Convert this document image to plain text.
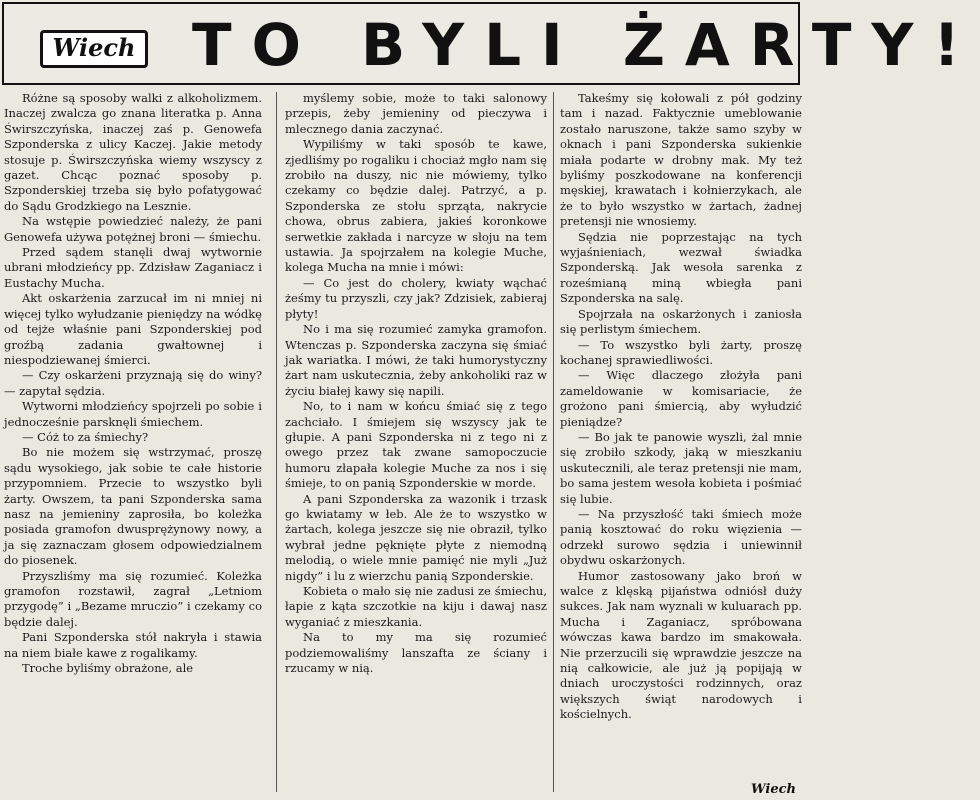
Wiech TO BYLI ŻARTY!

Różne są sposoby walki z alkoholizmem. Inaczej zwalcza go znana literatka p. Anna Świrszczyńska, inaczej zaś p. Genowefa Szponderska z ulicy Kaczej. Jakie metody stosuje p. Świrszczyńska wiemy wszyscy z gazet. Chcąc poznać sposoby p. Szponderskiej trzeba się było pofatygować do Sądu Grodzkiego na Lesznie.

Na wstępie powiedzieć należy, że pani Genowefa używa potężnej broni — śmiechu.

Przed sądem stanęli dwaj wytwornie ubrani młodzieńcy pp. Zdzisław Zaganiacz i Eustachy Mucha.

Akt oskarżenia zarzucał im ni mniej ni więcej tylko wyłudzanie pieniędzy na wódkę od tejże właśnie pani Szponderskiej pod groźbą zadania gwałtownej i niespodziewanej śmierci.

— Czy oskarżeni przyznają się do winy? — zapytał sędzia.

Wytworni młodzieńcy spojrzeli po sobie i jednocześnie parsknęli śmiechem.

— Cóż to za śmiechy?

Bo nie możem się wstrzymać, proszę sądu wysokiego, jak sobie te całe historie przypomniem. Przecie to wszystko byli żarty. Owszem, ta pani Szponderska sama nasz na jemieniny zaprosiła, bo koleżka posiada gramofon dwusprężynowy nowy, a ja się zaznaczam głosem odpowiedzialnem do piosenek.

Przyszliśmy ma się rozumieć. Koleżka gramofon rozstawił, zagrał „Letniom przygodę” i „Bezame mruczio” i czekamy co będzie dalej.

Pani Szponderska stół nakryła i stawia na niem białe kawe z rogalikamy.

Troche byliśmy obrażone, ale

myślemy sobie, może to taki salonowy przepis, żeby jemieniny od pieczywa i mlecznego dania zaczynać.

Wypiliśmy w taki sposób te kawe, zjedliśmy po rogaliku i chociaż mgło nam się zrobiło na duszy, nic nie mówiemy, tylko czekamy co będzie dalej. Patrzyć, a p. Szponderska ze stołu sprząta, nakrycie chowa, obrus zabiera, jakieś koronkowe serwetkie zakłada i narcyze w słoju na tem ustawia. Ja spojrzałem na kolegie Muche, kolega Mucha na mnie i mówi:

— Co jest do cholery, kwiaty wąchać żeśmy tu przyszli, czy jak? Zdzisiek, zabieraj płyty!

No i ma się rozumieć zamyka gramofon. Wtenczas p. Szponderska zaczyna się śmiać jak wariatka. I mówi, że taki humorystyczny żart nam uskutecznia, żeby ankoholiki raz w życiu białej kawy się napili.

No, to i nam w końcu śmiać się z tego zachciało. I śmiejem się wszyscy jak te głupie. A pani Szponderska ni z tego ni z owego przez tak zwane samopoczucie humoru złapała kolegie Muche za nos i się śmieje, to on panią Szponderskie w morde.

A pani Szponderska za wazonik i trzask go kwiatamy w łeb. Ale że to wszystko w żartach, kolega jeszcze się nie obraził, tylko wybrał jedne pęknięte płyte z niemodną melodią, o wiele mnie pamięć nie myli „Już nigdy” i lu z wierzchu panią Szponderskie.

Kobieta o mało się nie zadusi ze śmiechu, łapie z kąta szczotkie na kiju i dawaj nasz wyganiać z mieszkania.

Na to my ma się rozumieć podziemowaliśmy lanszafta ze ściany i rzucamy w nią.

Takeśmy się kołowali z pół godziny tam i nazad. Faktycznie umeblowanie zostało naruszone, także samo szyby w oknach i pani Szponderska sukienkie miała podarte w drobny mak. My też byliśmy poszkodowane na konferencji męskiej, krawatach i kołnierzykach, ale że to było wszystko w żartach, żadnej pretensji nie wnosiemy.

Sędzia nie poprzestając na tych wyjaśnieniach, wezwał świadka Szponderską. Jak wesoła sarenka z roześmianą miną wbiegła pani Szponderska na salę.

Spojrzała na oskarżonych i zaniosła się perlistym śmiechem.

— To wszystko byli żarty, proszę kochanej sprawiedliwości.

— Więc dlaczego złożyła pani zameldowanie w komisariacie, że grożono pani śmiercią, aby wyłudzić pieniądze?

— Bo jak te panowie wyszli, żal mnie się zrobiło szkody, jaką w mieszkaniu uskutecznili, ale teraz pretensji nie mam, bo sama jestem wesoła kobieta i pośmiać się lubie.

— Na przyszłość taki śmiech może panią kosztować do roku więzienia — odrzekł surowo sędzia i uniewinnił obydwu oskarżonych.

Humor zastosowany jako broń w walce z klęską pijaństwa odniósł duży sukces. Jak nam wyznali w kuluarach pp. Mucha i Zaganiacz, spróbowana wówczas kawa bardzo im smakowała. Nie przerzucili się wprawdzie jeszcze na nią całkowicie, ale już ją popijają w dniach uroczystości rodzinnych, oraz większych świąt narodowych i kościelnych.

Wiech
